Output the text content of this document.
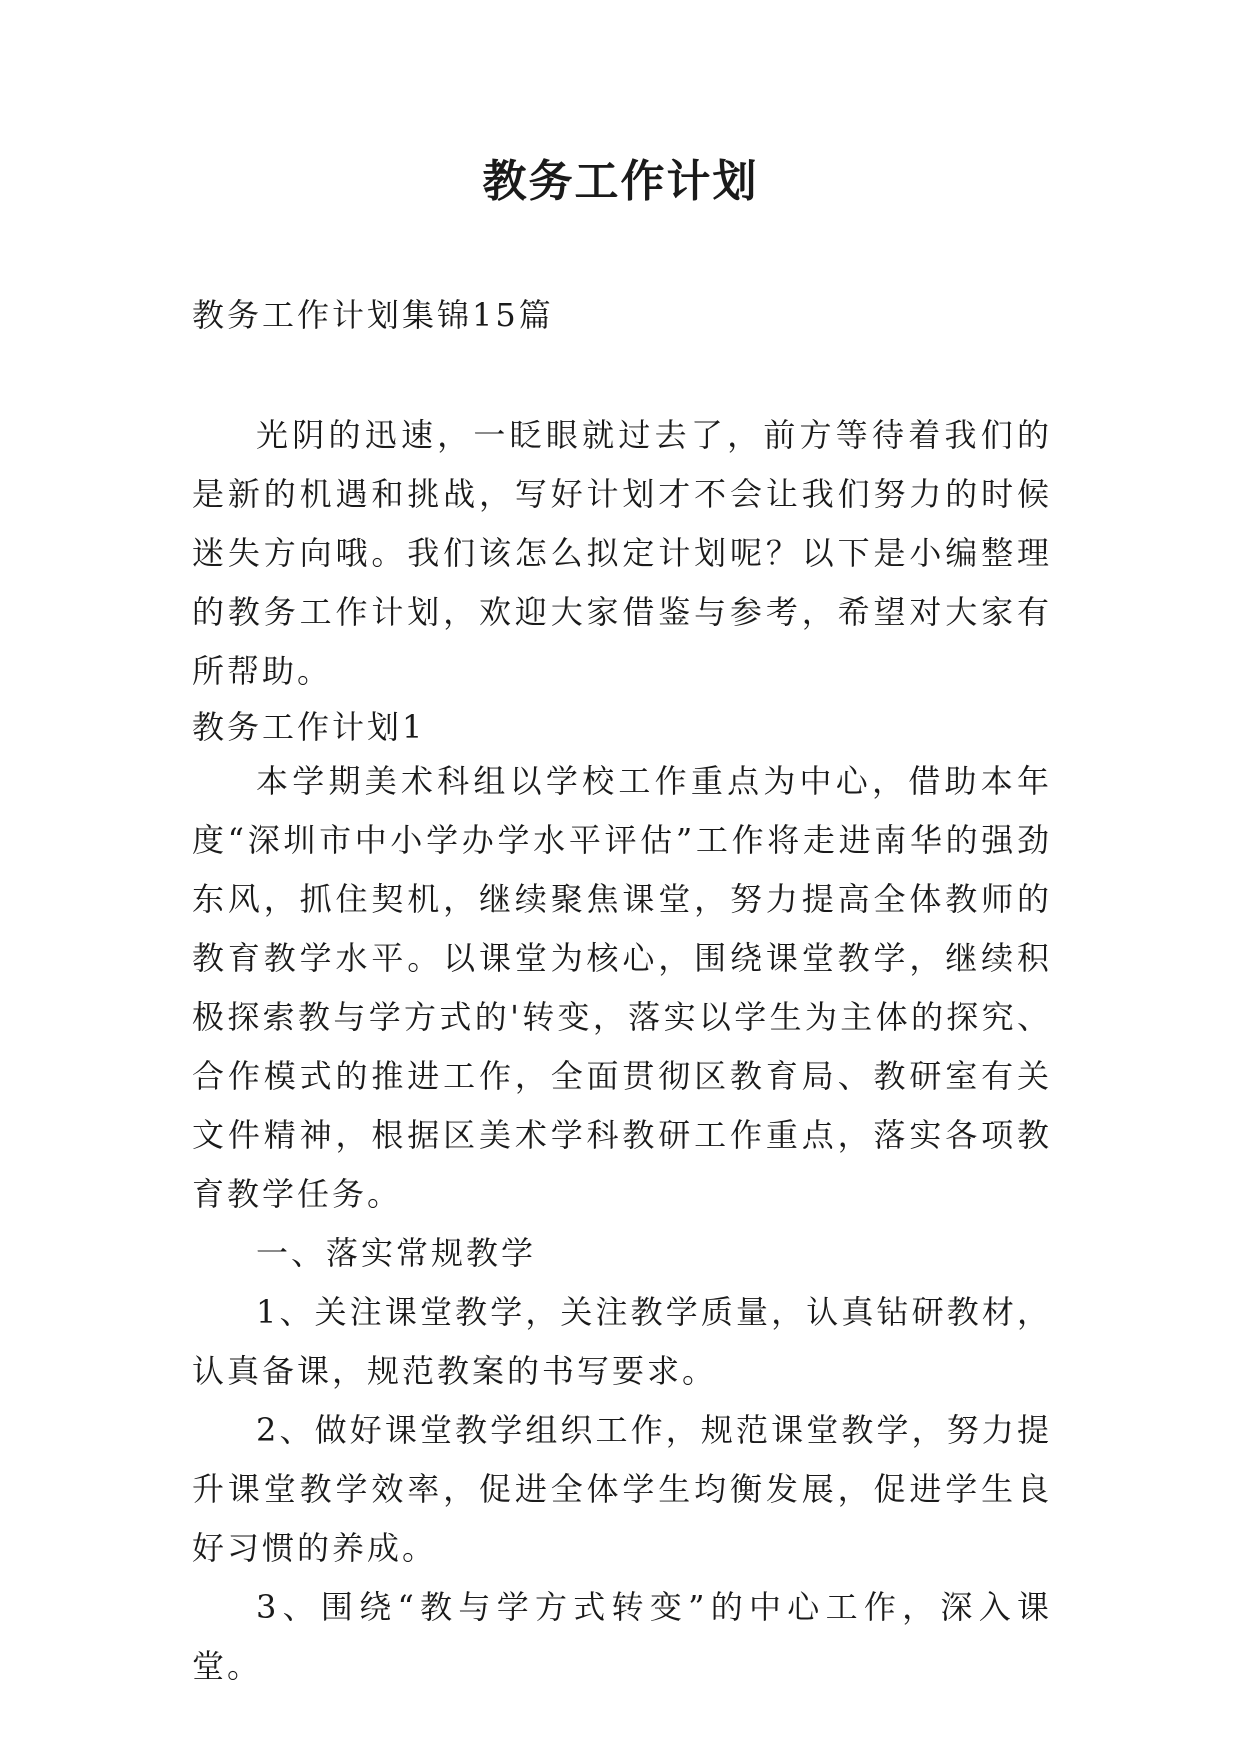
教务工作计划

教务工作计划集锦15篇

光阴的迅速，一眨眼就过去了，前方等待着我们的是新的机遇和挑战，写好计划才不会让我们努力的时候迷失方向哦。我们该怎么拟定计划呢？以下是小编整理的教务工作计划，欢迎大家借鉴与参考，希望对大家有所帮助。

教务工作计划1

本学期美术科组以学校工作重点为中心，借助本年度“深圳市中小学办学水平评估”工作将走进南华的强劲东风，抓住契机，继续聚焦课堂，努力提高全体教师的教育教学水平。以课堂为核心，围绕课堂教学，继续积极探索教与学方式的'转变，落实以学生为主体的探究、合作模式的推进工作，全面贯彻区教育局、教研室有关文件精神，根据区美术学科教研工作重点，落实各项教育教学任务。

一、落实常规教学

1、关注课堂教学，关注教学质量，认真钻研教材，认真备课，规范教案的书写要求。

2、做好课堂教学组织工作，规范课堂教学，努力提升课堂教学效率，促进全体学生均衡发展，促进学生良好习惯的养成。

3、围绕“教与学方式转变”的中心工作，深入课堂。
